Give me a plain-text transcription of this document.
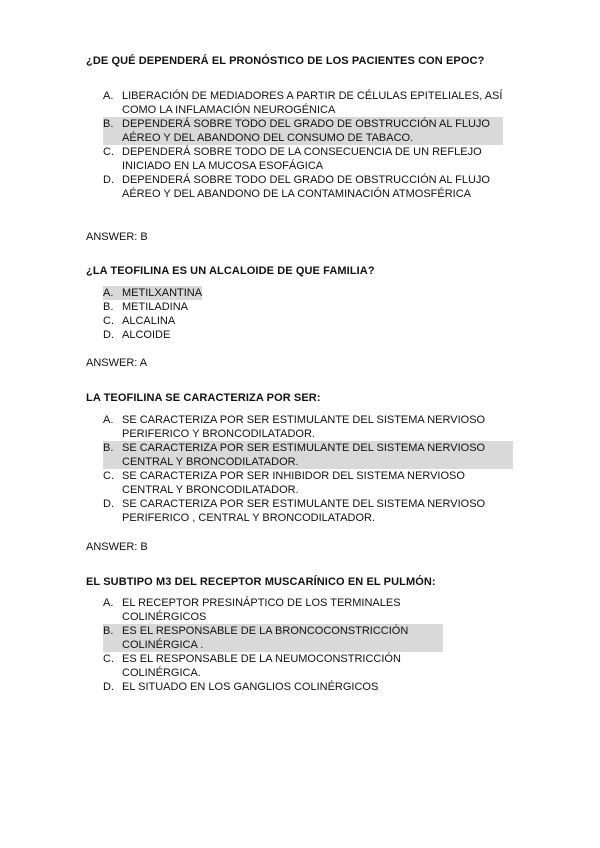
¿DE QUÉ DEPENDERÁ EL PRONÓSTICO DE LOS PACIENTES CON EPOC?
A. LIBERACIÓN DE MEDIADORES A PARTIR DE CÉLULAS EPITELIALES, ASÍ COMO LA INFLAMACIÓN NEUROGÉNICA
B. DEPENDERÁ SOBRE TODO DEL GRADO DE OBSTRUCCIÓN AL FLUJO AÉREO Y DEL ABANDONO DEL CONSUMO DE TABACO.
C. DEPENDERÁ SOBRE TODO DE LA CONSECUENCIA DE UN REFLEJO INICIADO EN LA MUCOSA ESOFÁGICA
D. DEPENDERÁ SOBRE TODO DEL GRADO DE OBSTRUCCIÓN AL FLUJO AÉREO Y DEL ABANDONO DE LA CONTAMINACIÓN ATMOSFÉRICA
ANSWER: B
¿LA TEOFILINA ES UN ALCALOIDE DE QUE FAMILIA?
A. METILXANTINA
B. METILADINA
C. ALCALINA
D. ALCOIDE
ANSWER: A
LA TEOFILINA SE CARACTERIZA POR SER:
A. SE CARACTERIZA POR SER ESTIMULANTE DEL SISTEMA NERVIOSO PERIFERICO Y BRONCODILATADOR.
B. SE CARACTERIZA POR SER ESTIMULANTE DEL SISTEMA NERVIOSO CENTRAL Y BRONCODILATADOR.
C. SE CARACTERIZA POR SER INHIBIDOR DEL SISTEMA NERVIOSO CENTRAL Y BRONCODILATADOR.
D. SE CARACTERIZA POR SER ESTIMULANTE DEL SISTEMA NERVIOSO PERIFERICO , CENTRAL Y BRONCODILATADOR.
ANSWER: B
EL SUBTIPO M3 DEL RECEPTOR MUSCARÍNICO EN EL PULMÓN:
A. EL RECEPTOR PRESINÁPTICO DE LOS TERMINALES COLINÉRGICOS
B. ES EL RESPONSABLE DE LA BRONCOCONSTRICCIÓN COLINÉRGICA .
C. ES EL RESPONSABLE DE LA NEUMOCONSTRICCIÓN COLINÉRGICA.
D. EL SITUADO EN LOS GANGLIOS COLINÉRGICOS
